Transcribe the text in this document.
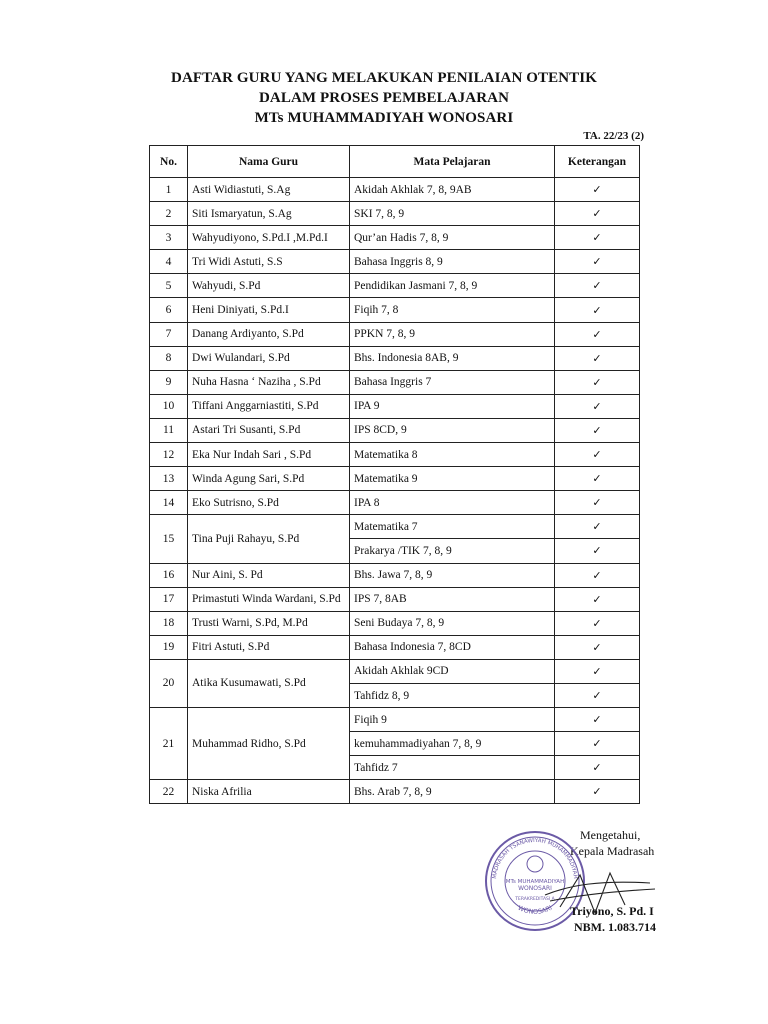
DAFTAR GURU YANG MELAKUKAN PENILAIAN OTENTIK
DALAM PROSES PEMBELAJARAN
MTs MUHAMMADIYAH WONOSARI
TA. 22/23 (2)
No.	Nama Guru	Mata Pelajaran	Keterangan
1	Asti Widiastuti, S.Ag	Akidah Akhlak 7, 8, 9AB	✓
2	Siti Ismaryatun, S.Ag	SKI 7, 8, 9	✓
3	Wahyudiyono, S.Pd.I ,M.Pd.I	Qur’an Hadis 7, 8, 9	✓
4	Tri Widi Astuti, S.S	Bahasa Inggris 8, 9	✓
5	Wahyudi, S.Pd	Pendidikan Jasmani 7, 8, 9	✓
6	Heni Diniyati, S.Pd.I	Fiqih 7, 8	✓
7	Danang Ardiyanto, S.Pd	PPKN 7, 8, 9	✓
8	Dwi Wulandari, S.Pd	Bhs. Indonesia 8AB, 9	✓
9	Nuha Hasna ‘ Naziha , S.Pd	Bahasa Inggris 7	✓
10	Tiffani Anggarniastiti, S.Pd	IPA 9	✓
11	Astari Tri Susanti, S.Pd	IPS 8CD, 9	✓
12	Eka Nur Indah Sari , S.Pd	Matematika 8	✓
13	Winda Agung Sari, S.Pd	Matematika 9	✓
14	Eko Sutrisno, S.Pd	IPA 8	✓
15	Tina Puji Rahayu, S.Pd	Matematika 7	✓
		Prakarya /TIK 7, 8, 9	✓
16	Nur Aini, S. Pd	Bhs. Jawa 7, 8, 9	✓
17	Primastuti Winda Wardani, S.Pd	IPS 7, 8AB	✓
18	Trusti Warni, S.Pd, M.Pd	Seni Budaya 7, 8, 9	✓
19	Fitri Astuti, S.Pd	Bahasa Indonesia 7, 8CD	✓
20	Atika Kusumawati, S.Pd	Akidah Akhlak 9CD	✓
		Tahfidz 8, 9	✓
21	Muhammad Ridho, S.Pd	Fiqih 9	✓
		kemuhammadiyahan 7, 8, 9	✓
		Tahfidz 7	✓
22	Niska Afrilia	Bhs. Arab 7, 8, 9	✓
Mengetahui,
Kepala Madrasah
MADRASAH TSANAWIYAH MUHAMMADIYAH
WONOSARI
MTs MUHAMMADIYAH
WONOSARI
TERAKREDITASI A
Triyono, S. Pd. I
NBM. 1.083.714
